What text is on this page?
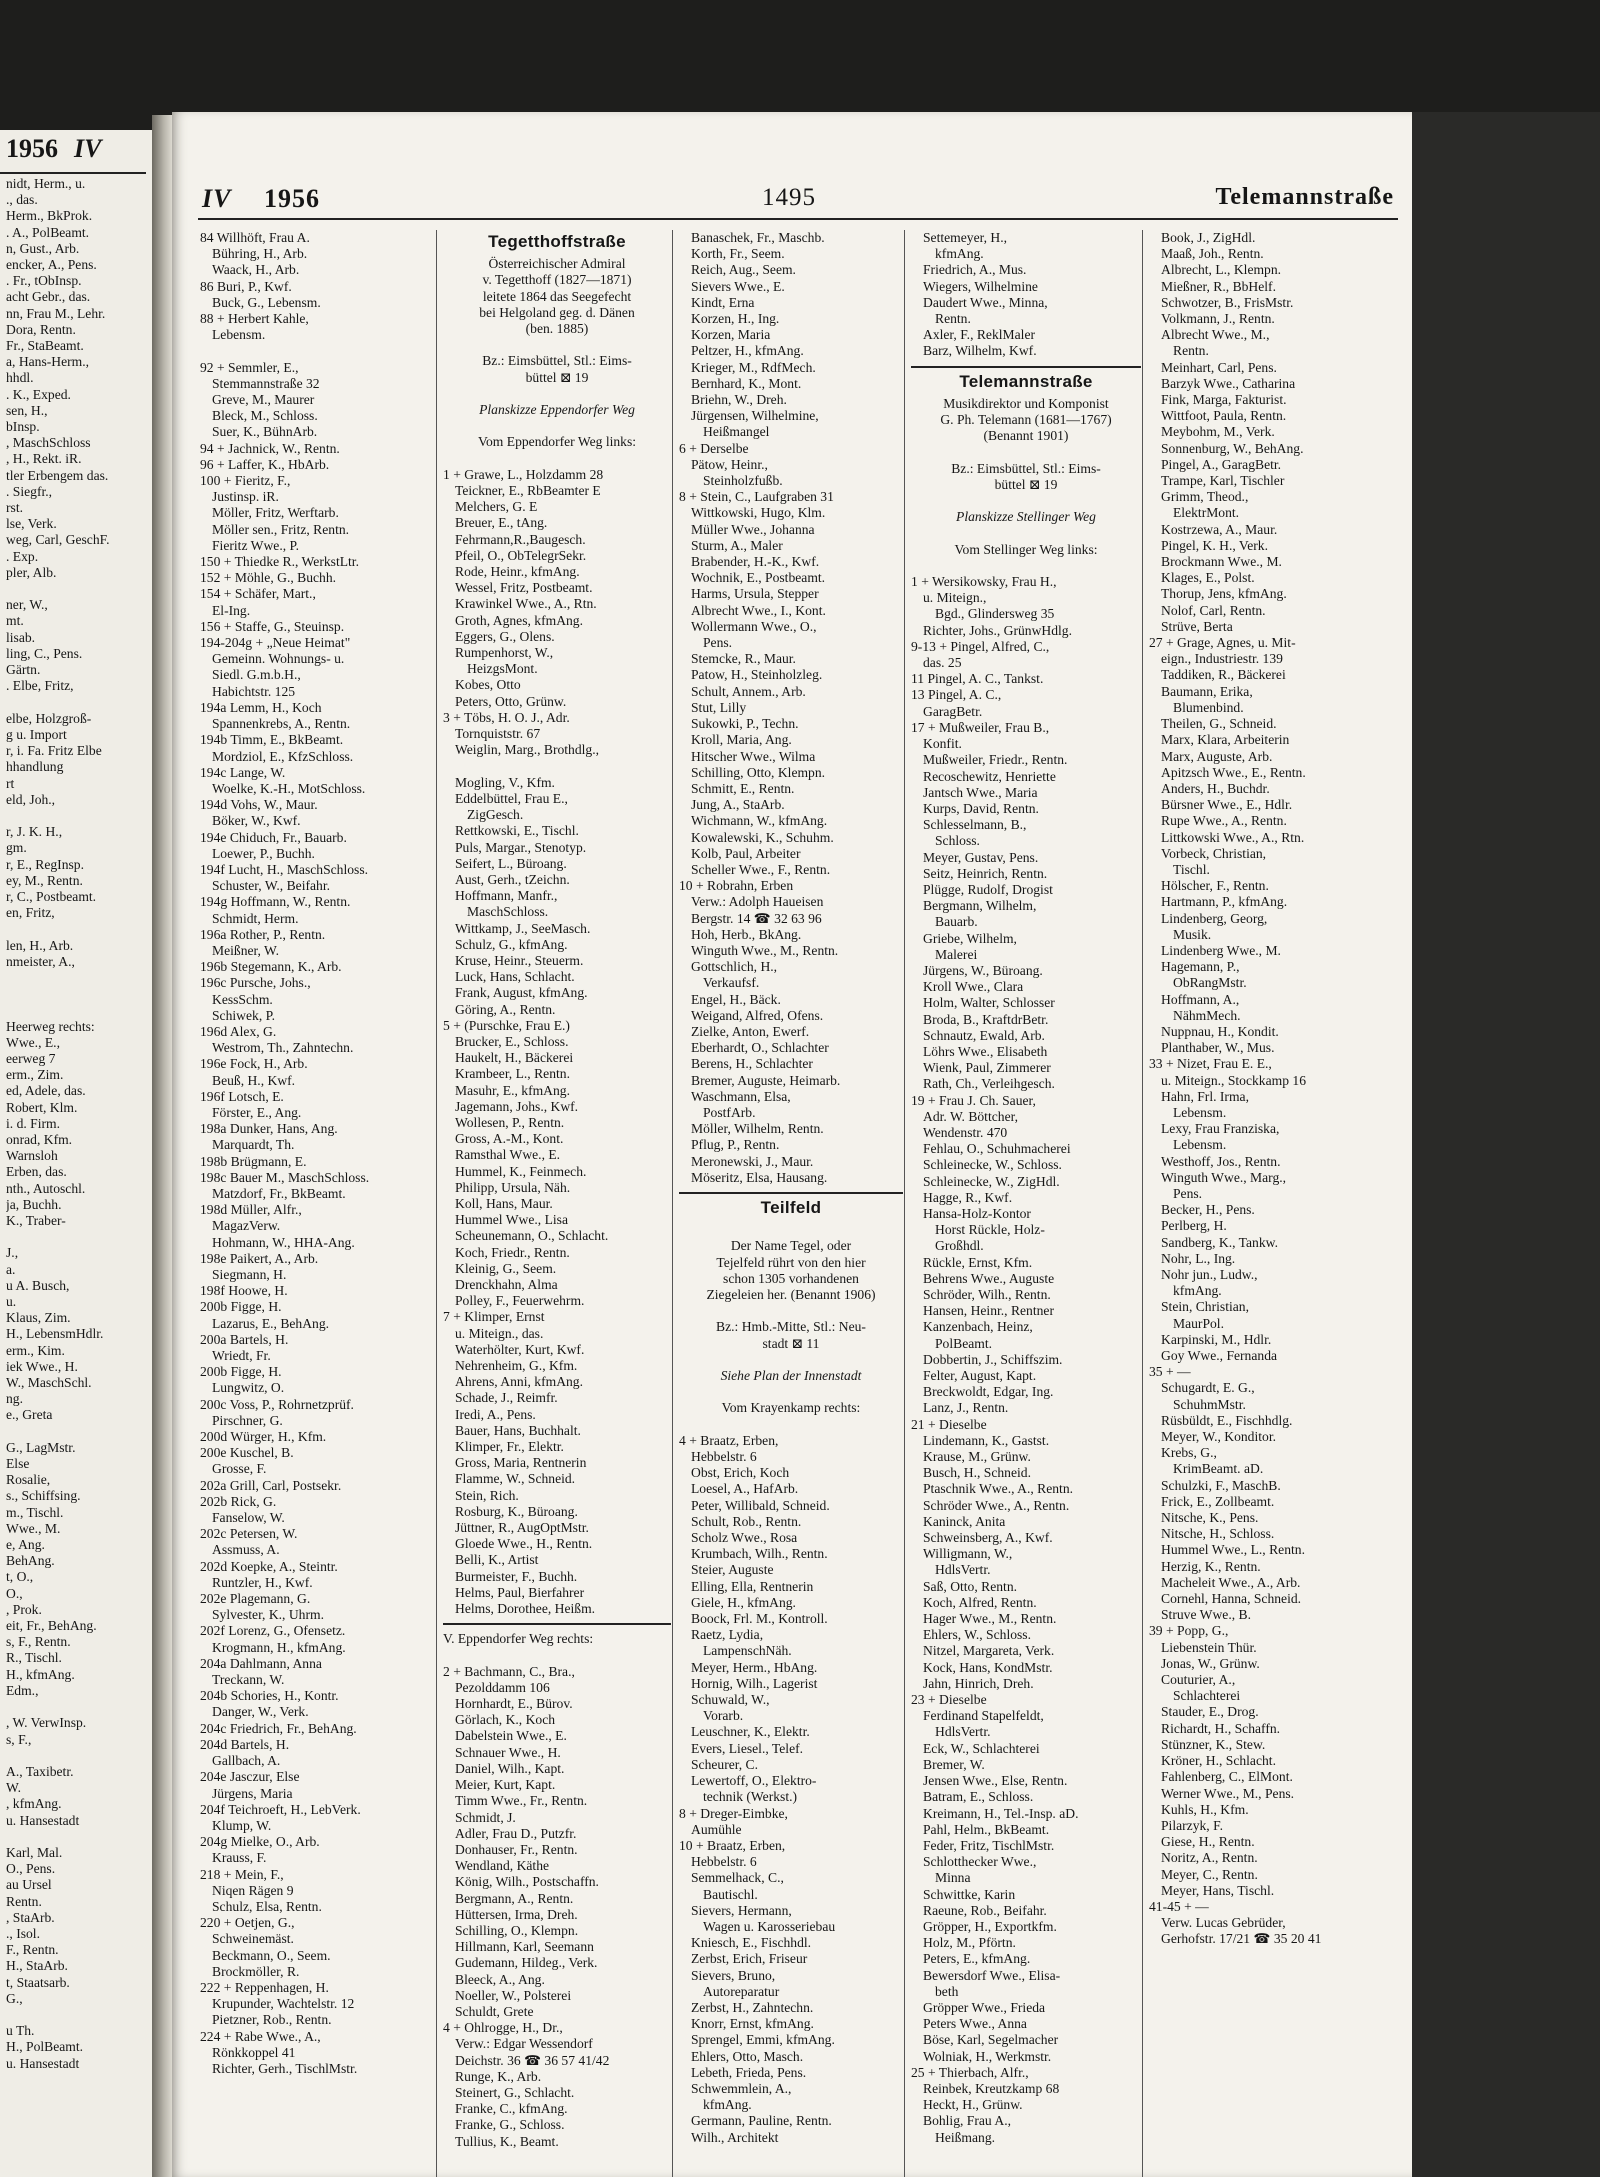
1956 IV
nidt, Herm., u.
., das.
Herm., BkProk.
. A., PolBeamt.
n, Gust., Arb.
encker, A., Pens.
. Fr., tObInsp.
acht Gebr., das.
nn, Frau M., Lehr.
Dora, Rentn.
Fr., StaBeamt.
a, Hans-Herm.,
hhdl.
. K., Exped.
sen, H.,
bInsp.
, MaschSchloss
, H., Rekt. iR.
tler Erbengem das.
. Siegfr.,
rst.
lse, Verk.
weg, Carl, GeschF.
. Exp.
pler, Alb.

ner, W.,
mt.
lisab.
ling, C., Pens.
Gärtn.
. Elbe, Fritz,

elbe, Holzgroß-
g u. Import
r, i. Fa. Fritz Elbe
hhandlung
rt
eld, Joh.,

r, J. K. H.,
gm.
r, E., RegInsp.
ey, M., Rentn.
r, C., Postbeamt.
en, Fritz,

len, H., Arb.
nmeister, A.,

Heerweg rechts:
Wwe., E.,
eerweg 7
erm., Zim.
ed, Adele, das.
Robert, Klm.
i. d. Firm.
onrad, Kfm.
Warnsloh
Erben, das.
nth., Autoschl.
ja, Buchh.
K., Traber-

J.,
a.
u A. Busch,
u.
Klaus, Zim.
H., LebensmHdlr.
erm., Kim.
iek Wwe., H.
W., MaschSchl.
ng.
e., Greta

G., LagMstr.
Else
Rosalie,
s., Schiffsing.
m., Tischl.
Wwe., M.
e, Ang.
BehAng.
t, O.,
O.,
, Prok.
eit, Fr., BehAng.
s, F., Rentn.
R., Tischl.
H., kfmAng.
Edm.,

, W. VerwInsp.
s, F.,

A., Taxibetr.
W.
, kfmAng.
u. Hansestadt

Karl, Mal.
O., Pens.
au Ursel
Rentn.
, StaArb.
., Isol.
F., Rentn.
H., StaArb.
t, Staatsarb.
G.,

u Th.
H., PolBeamt.
u. Hansestadt
IV 1956	1495	Telemannstraße
84 Willhöft, Frau A.
Bühring, H., Arb.
Waack, H., Arb.
86 Buri, P., Kwf.
Buck, G., Lebensm.
88 + Herbert Kahle,
Lebensm.

92 + Semmler, E.,
Stemmannstraße 32
Greve, M., Maurer
Bleck, M., Schloss.
Suer, K., BühnArb.
94 + Jachnick, W., Rentn.
96 + Laffer, K., HbArb.
100 + Fieritz, F.,
Justinsp. iR.
Möller, Fritz, Werftarb.
Möller sen., Fritz, Rentn.
Fieritz Wwe., P.
150 + Thiedke R., WerkstLtr.
152 + Möhle, G., Buchh.
154 + Schäfer, Mart.,
El-Ing.
156 + Staffe, G., Steuinsp.
194-204g + „Neue Heimat"
Gemeinn. Wohnungs- u.
Siedl. G.m.b.H.,
Habichtstr. 125
194a Lemm, H., Koch
Spannenkrebs, A., Rentn.
194b Timm, E., BkBeamt.
Mordziol, E., KfzSchloss.
194c Lange, W.
Woelke, K.-H., MotSchloss.
194d Vohs, W., Maur.
Böker, W., Kwf.
194e Chiduch, Fr., Bauarb.
Loewer, P., Buchh.
194f Lucht, H., MaschSchloss.
Schuster, W., Beifahr.
194g Hoffmann, W., Rentn.
Schmidt, Herm.
196a Rother, P., Rentn.
Meißner, W.
196b Stegemann, K., Arb.
196c Pursche, Johs.,
KessSchm.
Schiwek, P.
196d Alex, G.
Westrom, Th., Zahntechn.
196e Fock, H., Arb.
Beuß, H., Kwf.
196f Lotsch, E.
Förster, E., Ang.
198a Dunker, Hans, Ang.
Marquardt, Th.
198b Brügmann, E.
198c Bauer M., MaschSchloss.
Matzdorf, Fr., BkBeamt.
198d Müller, Alfr.,
MagazVerw.
Hohmann, W., HHA-Ang.
198e Paikert, A., Arb.
Siegmann, H.
198f Hoowe, H.
200b Figge, H.
Lazarus, E., BehAng.
200a Bartels, H.
Wriedt, Fr.
200b Figge, H.
Lungwitz, O.
200c Voss, P., Rohrnetzprüf.
Pirschner, G.
200d Würger, H., Kfm.
200e Kuschel, B.
Grosse, F.
202a Grill, Carl, Postsekr.
202b Rick, G.
Fanselow, W.
202c Petersen, W.
Assmuss, A.
202d Koepke, A., Steintr.
Runtzler, H., Kwf.
202e Plagemann, G.
Sylvester, K., Uhrm.
202f Lorenz, G., Ofensetz.
Krogmann, H., kfmAng.
204a Dahlmann, Anna
Treckann, W.
204b Schories, H., Kontr.
Danger, W., Verk.
204c Friedrich, Fr., BehAng.
204d Bartels, H.
Gallbach, A.
204e Jasczur, Else
Jürgens, Maria
204f Teichroeft, H., LebVerk.
Klump, W.
204g Mielke, O., Arb.
Krauss, F.
218 + Mein, F.,
Niqen Rägen 9
Schulz, Elsa, Rentn.
220 + Oetjen, G.,
Schweinemäst.
Beckmann, O., Seem.
Brockmöller, R.
222 + Reppenhagen, H.
Krupunder, Wachtelstr. 12
Pietzner, Rob., Rentn.
224 + Rabe Wwe., A.,
Rönkkoppel 41
Richter, Gerh., TischlMstr.
Tegetthoffstraße
Österreichischer Admiral
v. Tegetthoff (1827—1871)
leitete 1864 das Seegefecht
bei Helgoland geg. d. Dänen
(ben. 1885)

Bz.: Eimsbüttel, Stl.: Eims-
büttel ⊠ 19

Planskizze Eppendorfer Weg

Vom Eppendorfer Weg links:

1 + Grawe, L., Holzdamm 28
Teickner, E., RbBeamter E
Melchers, G. E
Breuer, E., tAng.
Fehrmann,R.,Baugesch.
Pfeil, O., ObTelegrSekr.
Rode, Heinr., kfmAng.
Wessel, Fritz, Postbeamt.
Krawinkel Wwe., A., Rtn.
Groth, Agnes, kfmAng.
Eggers, G., Olens.
Rumpenhorst, W.,
HeizgsMont.
Kobes, Otto
Peters, Otto, Grünw.
3 + Töbs, H. O. J., Adr.
Tornquiststr. 67
Weiglin, Marg., Brothdlg.,

Mogling, V., Kfm.
Eddelbüttel, Frau E.,
ZigGesch.
Rettkowski, E., Tischl.
Puls, Margar., Stenotyp.
Seifert, L., Büroang.
Aust, Gerh., tZeichn.
Hoffmann, Manfr.,
MaschSchloss.
Wittkamp, J., SeeMasch.
Schulz, G., kfmAng.
Kruse, Heinr., Steuerm.
Luck, Hans, Schlacht.
Frank, August, kfmAng.
Göring, A., Rentn.
5 + (Purschke, Frau E.)
Brucker, E., Schloss.
Haukelt, H., Bäckerei
Krambeer, L., Rentn.
Masuhr, E., kfmAng.
Jagemann, Johs., Kwf.
Wollesen, P., Rentn.
Gross, A.-M., Kont.
Ramsthal Wwe., E.
Hummel, K., Feinmech.
Philipp, Ursula, Näh.
Koll, Hans, Maur.
Hummel Wwe., Lisa
Scheunemann, O., Schlacht.
Koch, Friedr., Rentn.
Kleinig, G., Seem.
Drenckhahn, Alma
Polley, F., Feuerwehrm.
7 + Klimper, Ernst
u. Miteign., das.
Waterhölter, Kurt, Kwf.
Nehrenheim, G., Kfm.
Ahrens, Anni, kfmAng.
Schade, J., Reimfr.
Iredi, A., Pens.
Bauer, Hans, Buchhalt.
Klimper, Fr., Elektr.
Gross, Maria, Rentnerin
Flamme, W., Schneid.
Stein, Rich.
Rosburg, K., Büroang.
Jüttner, R., AugOptMstr.
Gloede Wwe., H., Rentn.
Belli, K., Artist
Burmeister, F., Buchh.
Helms, Paul, Bierfahrer
Helms, Dorothee, Heißm.
V. Eppendorfer Weg rechts:

2 + Bachmann, C., Bra.,
Pezolddamm 106
Hornhardt, E., Bürov.
Görlach, K., Koch
Dabelstein Wwe., E.
Schnauer Wwe., H.
Daniel, Wilh., Kapt.
Meier, Kurt, Kapt.
Timm Wwe., Fr., Rentn.
Schmidt, J.
Adler, Frau D., Putzfr.
Donhauser, Fr., Rentn.
Wendland, Käthe
König, Wilh., Postschaffn.
Bergmann, A., Rentn.
Hüttersen, Irma, Dreh.
Schilling, O., Klempn.
Hillmann, Karl, Seemann
Gudemann, Hildeg., Verk.
Bleeck, A., Ang.
Noeller, W., Polsterei
Schuldt, Grete
4 + Ohlrogge, H., Dr.,
Verw.: Edgar Wessendorf
Deichstr. 36 ☎ 36 57 41/42
Runge, K., Arb.
Steinert, G., Schlacht.
Franke, C., kfmAng.
Franke, G., Schloss.
Tullius, K., Beamt.
Banaschek, Fr., Maschb.
Korth, Fr., Seem.
Reich, Aug., Seem.
Sievers Wwe., E.
Kindt, Erna
Korzen, H., Ing.
Korzen, Maria
Peltzer, H., kfmAng.
Krieger, M., RdfMech.
Bernhard, K., Mont.
Briehn, W., Dreh.
Jürgensen, Wilhelmine,
Heißmangel
6 + Derselbe
Pätow, Heinr.,
Steinholzfußb.
8 + Stein, C., Laufgraben 31
Wittkowski, Hugo, Klm.
Müller Wwe., Johanna
Sturm, A., Maler
Brabender, H.-K., Kwf.
Wochnik, E., Postbeamt.
Harms, Ursula, Stepper
Albrecht Wwe., I., Kont.
Wollermann Wwe., O.,
Pens.
Stemcke, R., Maur.
Patow, H., Steinholzleg.
Schult, Annem., Arb.
Stut, Lilly
Sukowki, P., Techn.
Kroll, Maria, Ang.
Hitscher Wwe., Wilma
Schilling, Otto, Klempn.
Schmitt, E., Rentn.
Jung, A., StaArb.
Wichmann, W., kfmAng.
Kowalewski, K., Schuhm.
Kolb, Paul, Arbeiter
Scheller Wwe., F., Rentn.
10 + Robrahn, Erben
Verw.: Adolph Haueisen
Bergstr. 14 ☎ 32 63 96
Hoh, Herb., BkAng.
Winguth Wwe., M., Rentn.
Gottschlich, H.,
Verkaufsf.
Engel, H., Bäck.
Weigand, Alfred, Ofens.
Zielke, Anton, Ewerf.
Eberhardt, O., Schlachter
Berens, H., Schlachter
Bremer, Auguste, Heimarb.
Waschmann, Elsa,
PostfArb.
Möller, Wilhelm, Rentn.
Pflug, P., Rentn.
Meronewski, J., Maur.
Möseritz, Elsa, Hausang.
Teilfeld

Der Name Tegel, oder
Tejelfeld rührt von den hier
schon 1305 vorhandenen
Ziegeleien her. (Benannt 1906)

Bz.: Hmb.-Mitte, Stl.: Neu-
stadt ⊠ 11

Siehe Plan der Innenstadt

Vom Krayenkamp rechts:

4 + Braatz, Erben,
Hebbelstr. 6
Obst, Erich, Koch
Loesel, A., HafArb.
Peter, Willibald, Schneid.
Schult, Rob., Rentn.
Scholz Wwe., Rosa
Krumbach, Wilh., Rentn.
Steier, Auguste
Elling, Ella, Rentnerin
Giele, H., kfmAng.
Boock, Frl. M., Kontroll.
Raetz, Lydia,
LampenschNäh.
Meyer, Herm., HbAng.
Hornig, Wilh., Lagerist
Schuwald, W.,
Vorarb.
Leuschner, K., Elektr.
Evers, Liesel., Telef.
Scheurer, C.
Lewertoff, O., Elektro-
technik (Werkst.)
8 + Dreger-Eimbke,
Aumühle
10 + Braatz, Erben,
Hebbelstr. 6
Semmelhack, C.,
Bautischl.
Sievers, Hermann,
Wagen u. Karosseriebau
Kniesch, E., Fischhdl.
Zerbst, Erich, Friseur
Sievers, Bruno,
Autoreparatur
Zerbst, H., Zahntechn.
Knorr, Ernst, kfmAng.
Sprengel, Emmi, kfmAng.
Ehlers, Otto, Masch.
Lebeth, Frieda, Pens.
Schwemmlein, A.,
kfmAng.
Germann, Pauline, Rentn.
Wilh., Architekt
Settemeyer, H.,
kfmAng.
Friedrich, A., Mus.
Wiegers, Wilhelmine
Daudert Wwe., Minna,
Rentn.
Axler, F., ReklMaler
Barz, Wilhelm, Kwf.
Telemannstraße
Musikdirektor und Komponist
G. Ph. Telemann (1681—1767)
(Benannt 1901)

Bz.: Eimsbüttel, Stl.: Eims-
büttel ⊠ 19

Planskizze Stellinger Weg

Vom Stellinger Weg links:

1 + Wersikowsky, Frau H.,
u. Miteign.,
Bgd., Glindersweg 35
Richter, Johs., GrünwHdlg.
9-13 + Pingel, Alfred, C.,
das. 25
11 Pingel, A. C., Tankst.
13 Pingel, A. C.,
GaragBetr.
17 + Mußweiler, Frau B.,
Konfit.
Mußweiler, Friedr., Rentn.
Recoschewitz, Henriette
Jantsch Wwe., Maria
Kurps, David, Rentn.
Schlesselmann, B.,
Schloss.
Meyer, Gustav, Pens.
Seitz, Heinrich, Rentn.
Plügge, Rudolf, Drogist
Bergmann, Wilhelm,
Bauarb.
Griebe, Wilhelm,
Malerei
Jürgens, W., Büroang.
Kroll Wwe., Clara
Holm, Walter, Schlosser
Broda, B., KraftdrBetr.
Schnautz, Ewald, Arb.
Löhrs Wwe., Elisabeth
Wienk, Paul, Zimmerer
Rath, Ch., Verleihgesch.
19 + Frau J. Ch. Sauer,
Adr. W. Böttcher,
Wendenstr. 470
Fehlau, O., Schuhmacherei
Schleinecke, W., Schloss.
Schleinecke, W., ZigHdl.
Hagge, R., Kwf.
Hansa-Holz-Kontor
Horst Rückle, Holz-
Großhdl.
Rückle, Ernst, Kfm.
Behrens Wwe., Auguste
Schröder, Wilh., Rentn.
Hansen, Heinr., Rentner
Kanzenbach, Heinz,
PolBeamt.
Dobbertin, J., Schiffszim.
Felter, August, Kapt.
Breckwoldt, Edgar, Ing.
Lanz, J., Rentn.
21 + Dieselbe
Lindemann, K., Gastst.
Krause, M., Grünw.
Busch, H., Schneid.
Ptaschnik Wwe., A., Rentn.
Schröder Wwe., A., Rentn.
Kaninck, Anita
Schweinsberg, A., Kwf.
Willigmann, W.,
HdlsVertr.
Saß, Otto, Rentn.
Koch, Alfred, Rentn.
Hager Wwe., M., Rentn.
Ehlers, W., Schloss.
Nitzel, Margareta, Verk.
Kock, Hans, KondMstr.
Jahn, Hinrich, Dreh.
23 + Dieselbe
Ferdinand Stapelfeldt,
HdlsVertr.
Eck, W., Schlachterei
Bremer, W.
Jensen Wwe., Else, Rentn.
Batram, E., Schloss.
Kreimann, H., Tel.-Insp. aD.
Pahl, Helm., BkBeamt.
Feder, Fritz, TischlMstr.
Schlotthecker Wwe.,
Minna
Schwittke, Karin
Raeune, Rob., Beifahr.
Gröpper, H., Exportkfm.
Holz, M., Pförtn.
Peters, E., kfmAng.
Bewersdorf Wwe., Elisa-
beth
Gröpper Wwe., Frieda
Peters Wwe., Anna
Böse, Karl, Segelmacher
Wolniak, H., Werkmstr.
25 + Thierbach, Alfr.,
Reinbek, Kreutzkamp 68
Heckt, H., Grünw.
Bohlig, Frau A.,
Heißmang.
Book, J., ZigHdl.
Maaß, Joh., Rentn.
Albrecht, L., Klempn.
Mießner, R., BbHelf.
Schwotzer, B., FrisMstr.
Volkmann, J., Rentn.
Albrecht Wwe., M.,
Rentn.
Meinhart, Carl, Pens.
Barzyk Wwe., Catharina
Fink, Marga, Fakturist.
Wittfoot, Paula, Rentn.
Meybohm, M., Verk.
Sonnenburg, W., BehAng.
Pingel, A., GaragBetr.
Trampe, Karl, Tischler
Grimm, Theod.,
ElektrMont.
Kostrzewa, A., Maur.
Pingel, K. H., Verk.
Brockmann Wwe., M.
Klages, E., Polst.
Thorup, Jens, kfmAng.
Nolof, Carl, Rentn.
Strüve, Berta
27 + Grage, Agnes, u. Mit-
eign., Industriestr. 139
Taddiken, R., Bäckerei
Baumann, Erika,
Blumenbind.
Theilen, G., Schneid.
Marx, Klara, Arbeiterin
Marx, Auguste, Arb.
Apitzsch Wwe., E., Rentn.
Anders, H., Buchdr.
Bürsner Wwe., E., Hdlr.
Rupe Wwe., A., Rentn.
Littkowski Wwe., A., Rtn.
Vorbeck, Christian,
Tischl.
Hölscher, F., Rentn.
Hartmann, P., kfmAng.
Lindenberg, Georg,
Musik.
Lindenberg Wwe., M.
Hagemann, P.,
ObRangMstr.
Hoffmann, A.,
NähmMech.
Nuppnau, H., Kondit.
Planthaber, W., Mus.
33 + Nizet, Frau E. E.,
u. Miteign., Stockkamp 16
Hahn, Frl. Irma,
Lebensm.
Lexy, Frau Franziska,
Lebensm.
Westhoff, Jos., Rentn.
Winguth Wwe., Marg.,
Pens.
Becker, H., Pens.
Perlberg, H.
Sandberg, K., Tankw.
Nohr, L., Ing.
Nohr jun., Ludw.,
kfmAng.
Stein, Christian,
MaurPol.
Karpinski, M., Hdlr.
Goy Wwe., Fernanda
35 + —
Schugardt, E. G.,
SchuhmMstr.
Rüsbüldt, E., Fischhdlg.
Meyer, W., Konditor.
Krebs, G.,
KrimBeamt. aD.
Schulzki, F., MaschB.
Frick, E., Zollbeamt.
Nitsche, K., Pens.
Nitsche, H., Schloss.
Hummel Wwe., L., Rentn.
Herzig, K., Rentn.
Macheleit Wwe., A., Arb.
Cornehl, Hanna, Schneid.
Struve Wwe., B.
39 + Popp, G.,
Liebenstein Thür.
Jonas, W., Grünw.
Couturier, A.,
Schlachterei
Stauder, E., Drog.
Richardt, H., Schaffn.
Stünzner, K., Stew.
Kröner, H., Schlacht.
Fahlenberg, C., ElMont.
Werner Wwe., M., Pens.
Kuhls, H., Kfm.
Pilarzyk, F.
Giese, H., Rentn.
Noritz, A., Rentn.
Meyer, C., Rentn.
Meyer, Hans, Tischl.
41-45 + —
Verw. Lucas Gebrüder,
Gerhofstr. 17/21 ☎ 35 20 41
